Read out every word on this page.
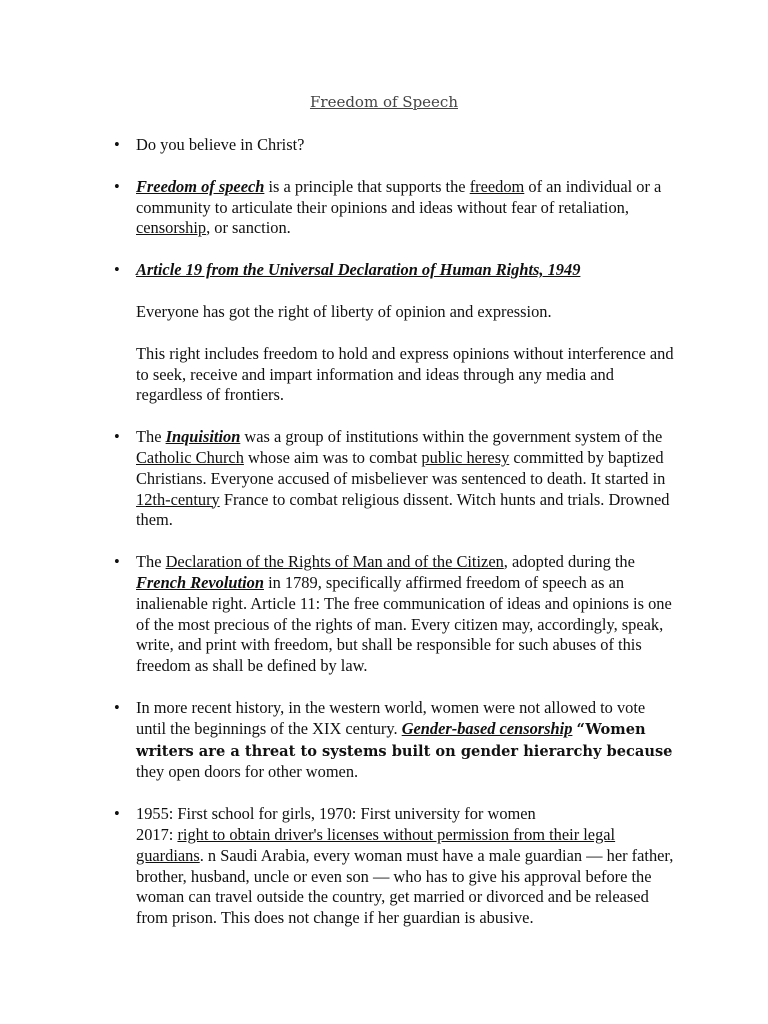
Freedom of Speech

• Do you believe in Christ?

• Freedom of speech is a principle that supports the freedom of an individual or a community to articulate their opinions and ideas without fear of retaliation, censorship, or sanction.

• Article 19 from the Universal Declaration of Human Rights, 1949

Everyone has got the right of liberty of opinion and expression.

This right includes freedom to hold and express opinions without interference and to seek, receive and impart information and ideas through any media and regardless of frontiers.

• The Inquisition was a group of institutions within the government system of the Catholic Church whose aim was to combat public heresy committed by baptized Christians. Everyone accused of misbeliever was sentenced to death. It started in 12th-century France to combat religious dissent. Witch hunts and trials. Drowned them.

• The Declaration of the Rights of Man and of the Citizen, adopted during the French Revolution in 1789, specifically affirmed freedom of speech as an inalienable right. Article 11: The free communication of ideas and opinions is one of the most precious of the rights of man. Every citizen may, accordingly, speak, write, and print with freedom, but shall be responsible for such abuses of this freedom as shall be defined by law.

• In more recent history, in the western world, women were not allowed to vote until the beginnings of the XIX century. Gender-based censorship “Women writers are a threat to systems built on gender hierarchy because they open doors for other women.

• 1955: First school for girls, 1970: First university for women
2017: right to obtain driver's licenses without permission from their legal guardians. n Saudi Arabia, every woman must have a male guardian — her father, brother, husband, uncle or even son — who has to give his approval before the woman can travel outside the country, get married or divorced and be released from prison. This does not change if her guardian is abusive.
